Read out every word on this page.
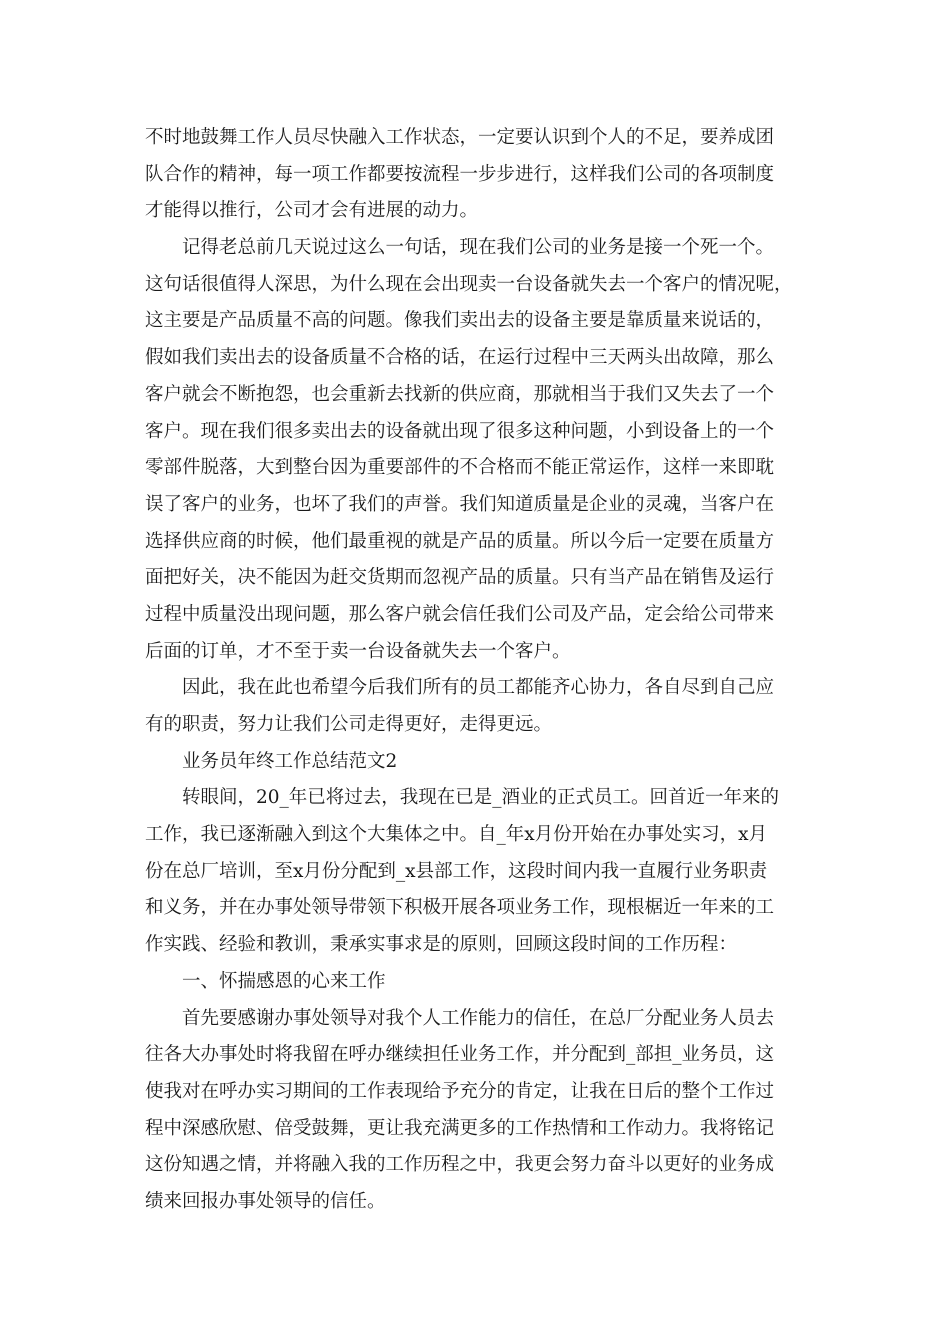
不时地鼓舞工作人员尽快融入工作状态，一定要认识到个人的不足，要养成团
队合作的精神，每一项工作都要按流程一步步进行，这样我们公司的各项制度
才能得以推行，公司才会有进展的动力。
记得老总前几天说过这么一句话，现在我们公司的业务是接一个死一个。
这句话很值得人深思，为什么现在会出现卖一台设备就失去一个客户的情况呢，
这主要是产品质量不高的问题。像我们卖出去的设备主要是靠质量来说话的，
假如我们卖出去的设备质量不合格的话，在运行过程中三天两头出故障，那么
客户就会不断抱怨，也会重新去找新的供应商，那就相当于我们又失去了一个
客户。现在我们很多卖出去的设备就出现了很多这种问题，小到设备上的一个
零部件脱落，大到整台因为重要部件的不合格而不能正常运作，这样一来即耽
误了客户的业务，也坏了我们的声誉。我们知道质量是企业的灵魂，当客户在
选择供应商的时候，他们最重视的就是产品的质量。所以今后一定要在质量方
面把好关，决不能因为赶交货期而忽视产品的质量。只有当产品在销售及运行
过程中质量没出现问题，那么客户就会信任我们公司及产品，定会给公司带来
后面的订单，才不至于卖一台设备就失去一个客户。
因此，我在此也希望今后我们所有的员工都能齐心协力，各自尽到自己应
有的职责，努力让我们公司走得更好，走得更远。
业务员年终工作总结范文2
转眼间，20_年已将过去，我现在已是_酒业的正式员工。回首近一年来的
工作，我已逐渐融入到这个大集体之中。自_年x月份开始在办事处实习，x月
份在总厂培训，至x月份分配到_x县部工作，这段时间内我一直履行业务职责
和义务，并在办事处领导带领下积极开展各项业务工作，现根椐近一年来的工
作实践、经验和教训，秉承实事求是的原则，回顾这段时间的工作历程：
一、怀揣感恩的心来工作
首先要感谢办事处领导对我个人工作能力的信任，在总厂分配业务人员去
往各大办事处时将我留在呼办继续担任业务工作，并分配到_部担_业务员，这
使我对在呼办实习期间的工作表现给予充分的肯定，让我在日后的整个工作过
程中深感欣慰、倍受鼓舞，更让我充满更多的工作热情和工作动力。我将铭记
这份知遇之情，并将融入我的工作历程之中，我更会努力奋斗以更好的业务成
绩来回报办事处领导的信任。
